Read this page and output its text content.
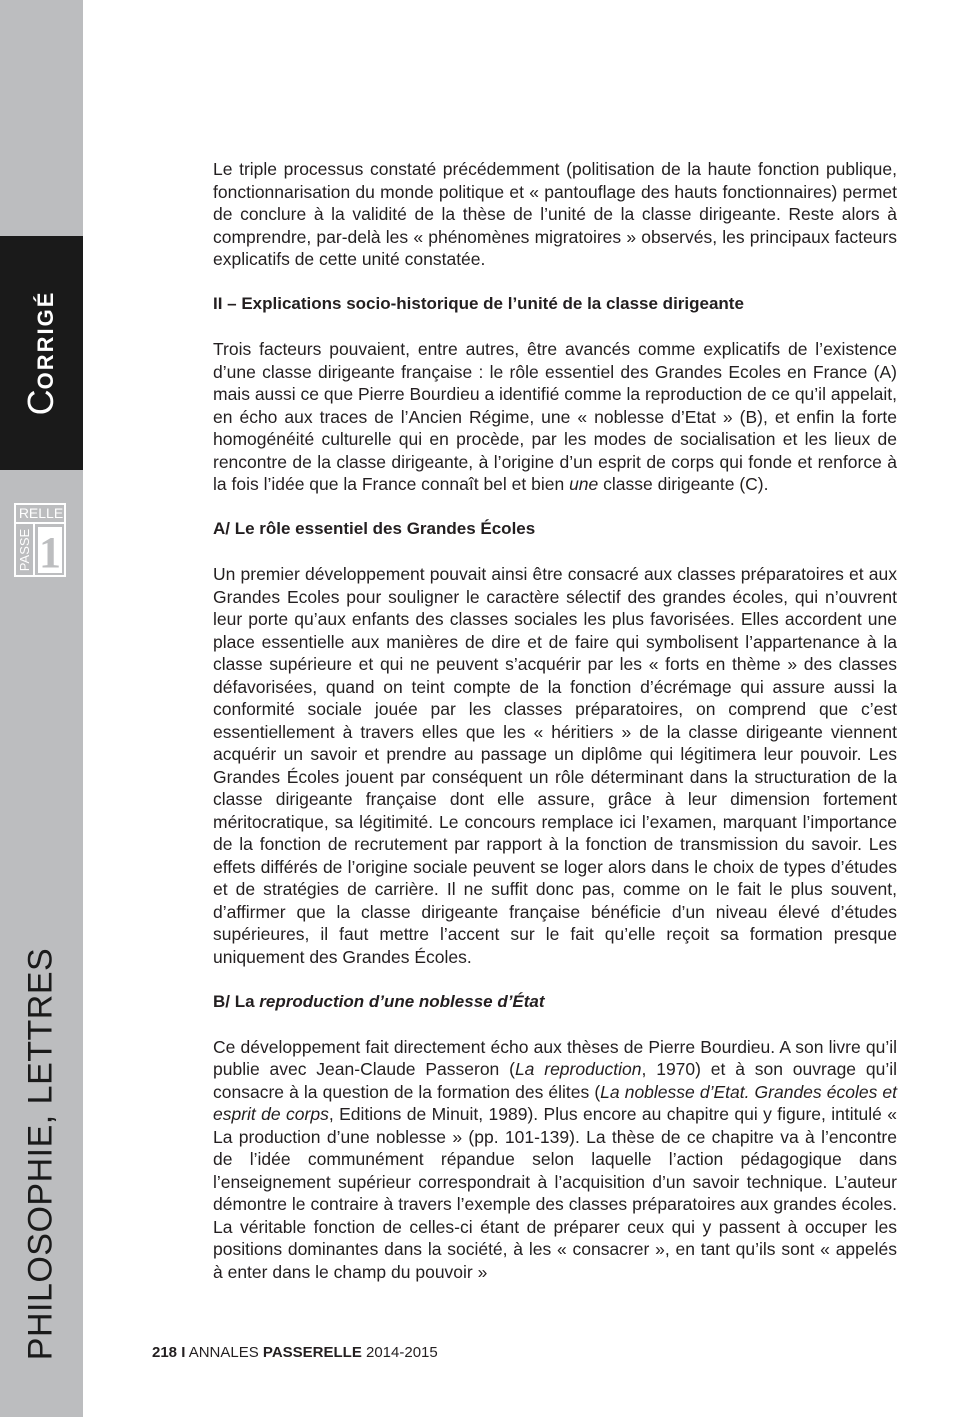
CORRIGÉ
RELLE
PASSE 1
PHILOSOPHIE, LETTRES

Le triple processus constaté précédemment (politisation de la haute fonction publique, fonctionnarisation du monde politique et « pantouflage des hauts fonctionnaires) permet de conclure à la validité de la thèse de l’unité de la classe dirigeante. Reste alors à comprendre, par-delà les « phénomènes migratoires » observés, les principaux facteurs explicatifs de cette unité constatée.

II – Explications socio-historique de l’unité de la classe dirigeante

Trois facteurs pouvaient, entre autres, être avancés comme explicatifs de l’existence d’une classe dirigeante française : le rôle essentiel des Grandes Ecoles en France (A) mais aussi ce que Pierre Bourdieu a identifié comme la reproduction de ce qu’il appelait, en écho aux traces de l’Ancien Régime, une « noblesse d’Etat » (B), et enfin la forte homogénéité culturelle qui en procède, par les modes de socialisation et les lieux de rencontre de la classe dirigeante, à l’origine d’un esprit de corps qui fonde et renforce à la fois l’idée que la France connaît bel et bien une classe dirigeante (C).

A/ Le rôle essentiel des Grandes Écoles

Un premier développement pouvait ainsi être consacré aux classes préparatoires et aux Grandes Ecoles pour souligner le caractère sélectif des grandes écoles, qui n’ouvrent leur porte qu’aux enfants des classes sociales les plus favorisées. Elles accordent une place essentielle aux manières de dire et de faire qui symbolisent l’appartenance à la classe supérieure et qui ne peuvent s’acquérir par les « forts en thème » des classes défavorisées, quand on teint compte de la fonction d’écrémage qui assure aussi la conformité sociale jouée par les classes préparatoires, on comprend que c’est essentiellement à travers elles que les « héritiers » de la classe dirigeante viennent acquérir un savoir et prendre au passage un diplôme qui légitimera leur pouvoir. Les Grandes Écoles jouent par conséquent un rôle déterminant dans la structuration de la classe dirigeante française dont elle assure, grâce à leur dimension fortement méritocratique, sa légitimité. Le concours remplace ici l’examen, marquant l’importance de la fonction de recrutement par rapport à la fonction de transmission du savoir. Les effets différés de l’origine sociale peuvent se loger alors dans le choix de types d’études et de stratégies de carrière. Il ne suffit donc pas, comme on le fait le plus souvent, d’affirmer que la classe dirigeante française bénéficie d’un niveau élevé d’études supérieures, il faut mettre l’accent sur le fait qu’elle reçoit sa formation presque uniquement des Grandes Écoles.

B/ La reproduction d’une noblesse d’État

Ce développement fait directement écho aux thèses de Pierre Bourdieu. A son livre qu’il publie avec Jean-Claude Passeron (La reproduction, 1970) et à son ouvrage qu’il consacre à la question de la formation des élites (La noblesse d’Etat. Grandes écoles et esprit de corps, Editions de Minuit, 1989). Plus encore au chapitre qui y figure, intitulé « La production d’une noblesse » (pp. 101-139). La thèse de ce chapitre va à l’encontre de l’idée communément répandue selon laquelle l’action pédagogique dans l’enseignement supérieur correspondrait à l’acquisition d’un savoir technique. L’auteur démontre le contraire à travers l’exemple des classes préparatoires aux grandes écoles. La véritable fonction de celles-ci étant de préparer ceux qui y passent à occuper les positions dominantes dans la société, à les « consacrer », en tant qu’ils sont « appelés à enter dans le champ du pouvoir »

218 I ANNALES PASSERELLE 2014-2015
